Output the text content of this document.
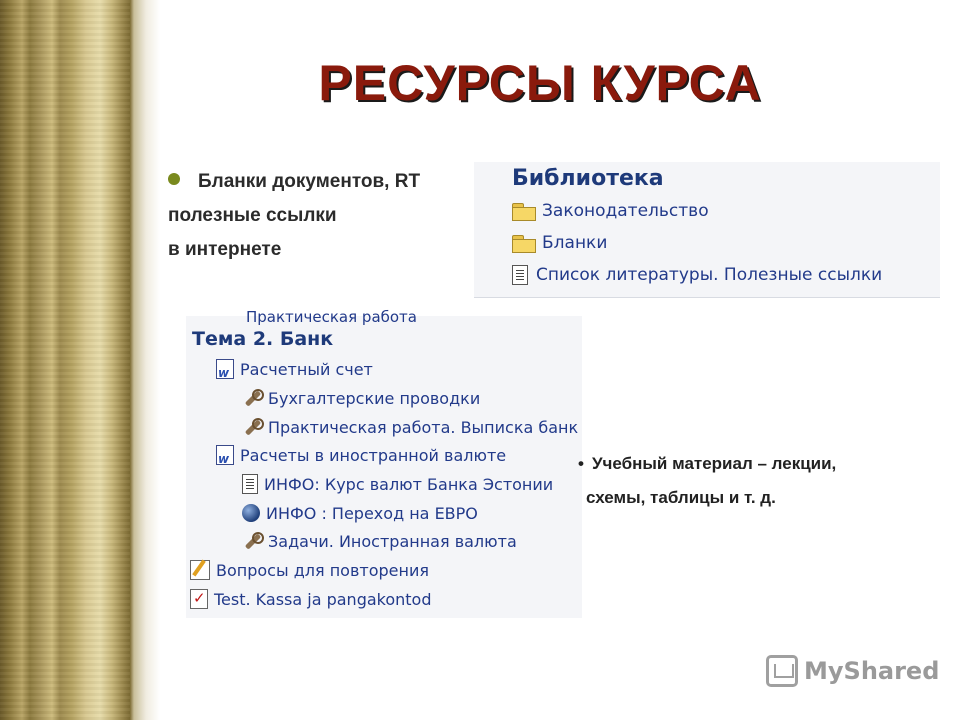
РЕСУРСЫ КУРСА
Бланки документов, RT
полезные ссылки
в интернете
Библиотека
Законодательство
Бланки
Список литературы. Полезные ссылки
Практическая работа
Тема 2. Банк
w
Расчетный счет
Бухгалтерские проводки
Практическая работа. Выписка банк
w
Расчеты в иностранной валюте
ИНФО: Курс валют Банка Эстонии
ИНФО : Переход на ЕВРО
Задачи. Иностранная валюта
Вопросы для повторения
✓
Test. Kassa ja pangakontod
• Учебный материал – лекции,
схемы, таблицы и т. д.
MyShared
